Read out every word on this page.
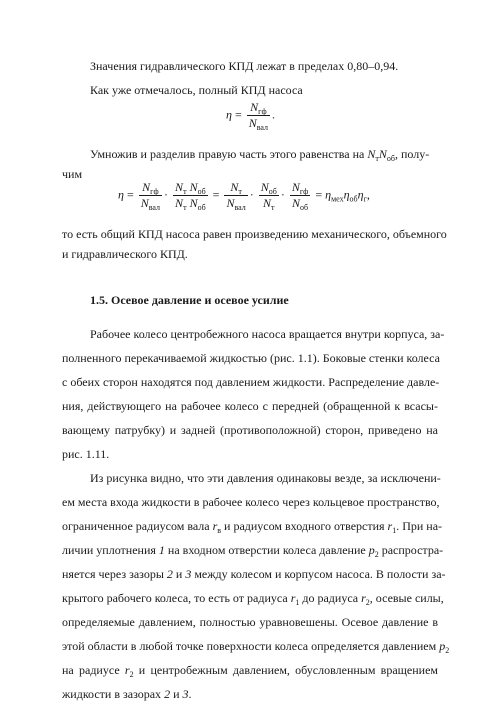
Значения гидравлического КПД лежат в пределах 0,80–0,94.
Как уже отмечалось, полный КПД насоса
$\eta = \frac{N_{гф}}{N_{вал}}$ .
Умножив и разделив правую часть этого равенства на $N_тN_{об}$, полу-
чим
$\eta = \frac{N_{гф}}{N_{вал}} \cdot \frac{N_т N_{об}}{N_т N_{об}} = \frac{N_т}{N_{вал}} \cdot \frac{N_{об}}{N_т} \cdot \frac{N_{гф}}{N_{об}} = \eta_{мех}\eta_{об}\eta_г$,
то есть общий КПД насоса равен произведению механического, объемного
и гидравлического КПД.
1.5. Осевое давление и осевое усилие
Рабочее колесо центробежного насоса вращается внутри корпуса, за-
полненного перекачиваемой жидкостью (рис. 1.1). Боковые стенки колеса
с обеих сторон находятся под давлением жидкости. Распределение давле-
ния, действующего на рабочее колесо с передней (обращенной к всасы-
вающему патрубку) и задней (противоположной) сторон, приведено на
рис. 1.11.
Из рисунка видно, что эти давления одинаковы везде, за исключени-
ем места входа жидкости в рабочее колесо через кольцевое пространство,
ограниченное радиусом вала $r_в$ и радиусом входного отверстия $r_1$. При на-
личии уплотнения 1 на входном отверстии колеса давление $p_2$ распростра-
няется через зазоры 2 и 3 между колесом и корпусом насоса. В полости за-
крытого рабочего колеса, то есть от радиуса $r_1$ до радиуса $r_2$, осевые силы,
определяемые давлением, полностью уравновешены. Осевое давление в
этой области в любой точке поверхности колеса определяется давлением $p_2$
на радиусе $r_2$ и центробежным давлением, обусловленным вращением
жидкости в зазорах 2 и 3.
